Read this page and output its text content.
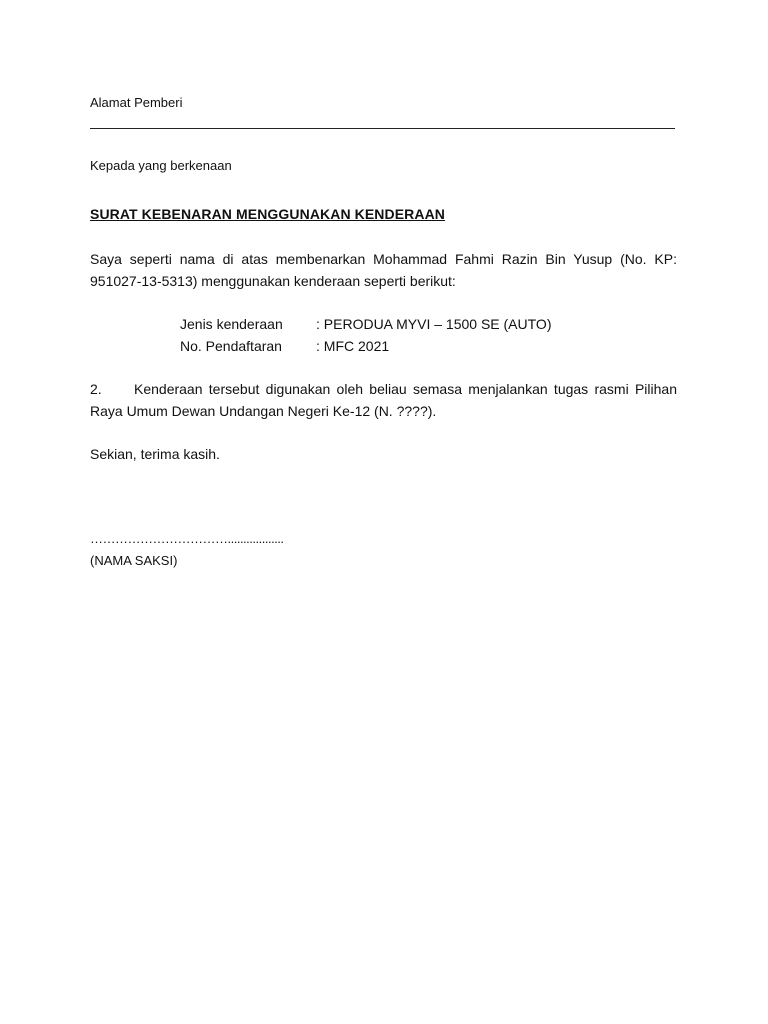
Alamat Pemberi
Kepada yang berkenaan
SURAT KEBENARAN MENGGUNAKAN KENDERAAN
Saya seperti nama di atas membenarkan Mohammad Fahmi Razin Bin Yusup (No. KP: 951027-13-5313) menggunakan kenderaan seperti berikut:
Jenis kenderaan : PERODUA MYVI – 1500 SE (AUTO)
No. Pendaftaran : MFC 2021
2. Kenderaan tersebut digunakan oleh beliau semasa menjalankan tugas rasmi Pilihan Raya Umum Dewan Undangan Negeri Ke-12 (N. ????).
Sekian, terima kasih.
……………………………..................
(NAMA SAKSI)
